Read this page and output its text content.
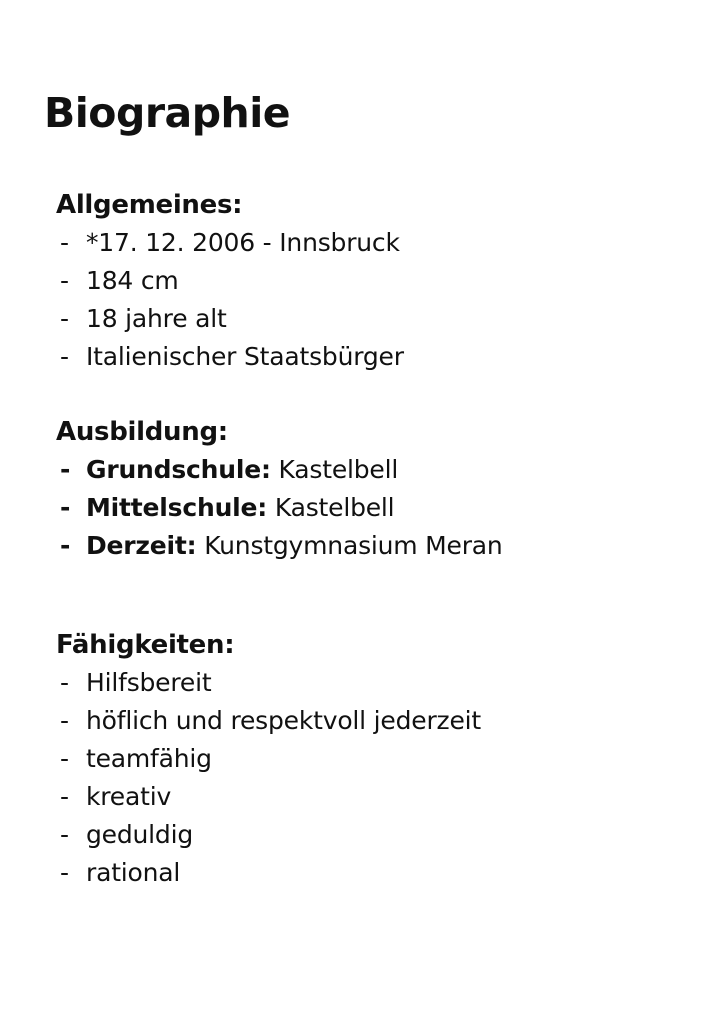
Biographie
Allgemeines:
- *17. 12. 2006 - Innsbruck
- 184 cm
- 18 jahre alt
- Italienischer Staatsbürger
Ausbildung:
- Grundschule: Kastelbell
- Mittelschule: Kastelbell
- Derzeit: Kunstgymnasium Meran
Fähigkeiten:
- Hilfsbereit
- höflich und respektvoll jederzeit
- teamfähig
- kreativ
- geduldig
- rational
